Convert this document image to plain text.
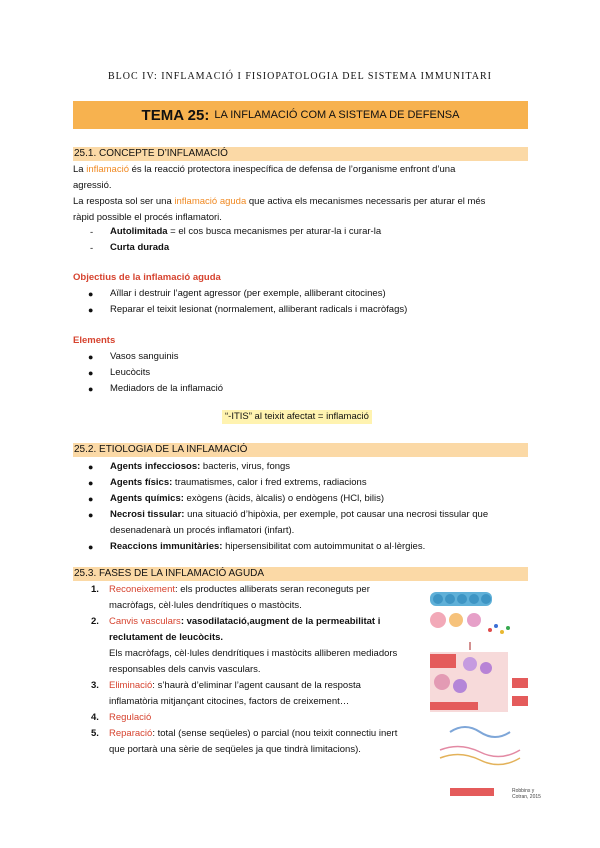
BLOC IV: INFLAMACIÓ I FISIOPATOLOGIA DEL SISTEMA IMMUNITARI
TEMA 25: LA INFLAMACIÓ COM A SISTEMA DE DEFENSA
25.1. CONCEPTE D’INFLAMACIÓ
La inflamació és la reacció protectora inespecífica de defensa de l’organisme enfront d’una
agressió.
La resposta sol ser una inflamació aguda que activa els mecanismes necessaris per aturar el més
ràpid possible el procés inflamatori.
- Autolimitada = el cos busca mecanismes per aturar-la i curar-la
- Curta durada
Objectius de la inflamació aguda
● Aïllar i destruir l’agent agressor (per exemple, alliberant citocines)
● Reparar el teixit lesionat (normalement, alliberant radicals i macròfags)
Elements
● Vasos sanguinis
● Leucòcits
● Mediadors de la inflamació
“-ITIS” al teixit afectat = inflamació
25.2. ETIOLOGIA DE LA INFLAMACIÓ
● Agents infecciosos: bacteris, virus, fongs
● Agents físics: traumatismes, calor i fred extrems, radiacions
● Agents químics: exògens (àcids, àlcalis) o endògens (HCl, bilis)
● Necrosi tissular: una situació d’hipòxia, per exemple, pot causar una necrosi tissular que
desenadenarà un procés inflamatori (infart).
● Reaccions immunitàries: hipersensibilitat com autoimmunitat o al·lèrgies.
25.3. FASES DE LA INFLAMACIÓ AGUDA
1. Reconeixement: els productes alliberats seran reconeguts per
macròfags, cèl·lules dendrítiques o mastòcits.
2. Canvis vasculars: vasodilatació,augment de la permeabilitat i
reclutament de leucòcits.
Els macròfags, cèl·lules dendrítiques i mastòcits alliberen mediadors
responsables dels canvis vasculars.
3. Eliminació: s’haurà d’eliminar l’agent causant de la resposta
inflamatòria mitjançant citocines, factors de creixement…
4. Regulació
5. Reparació: total (sense seqüeles) o parcial (nou teixit connectiu inert
que portarà una sèrie de seqüeles ja que tindrà limitacions).
Robbins y Cotran, 2015
